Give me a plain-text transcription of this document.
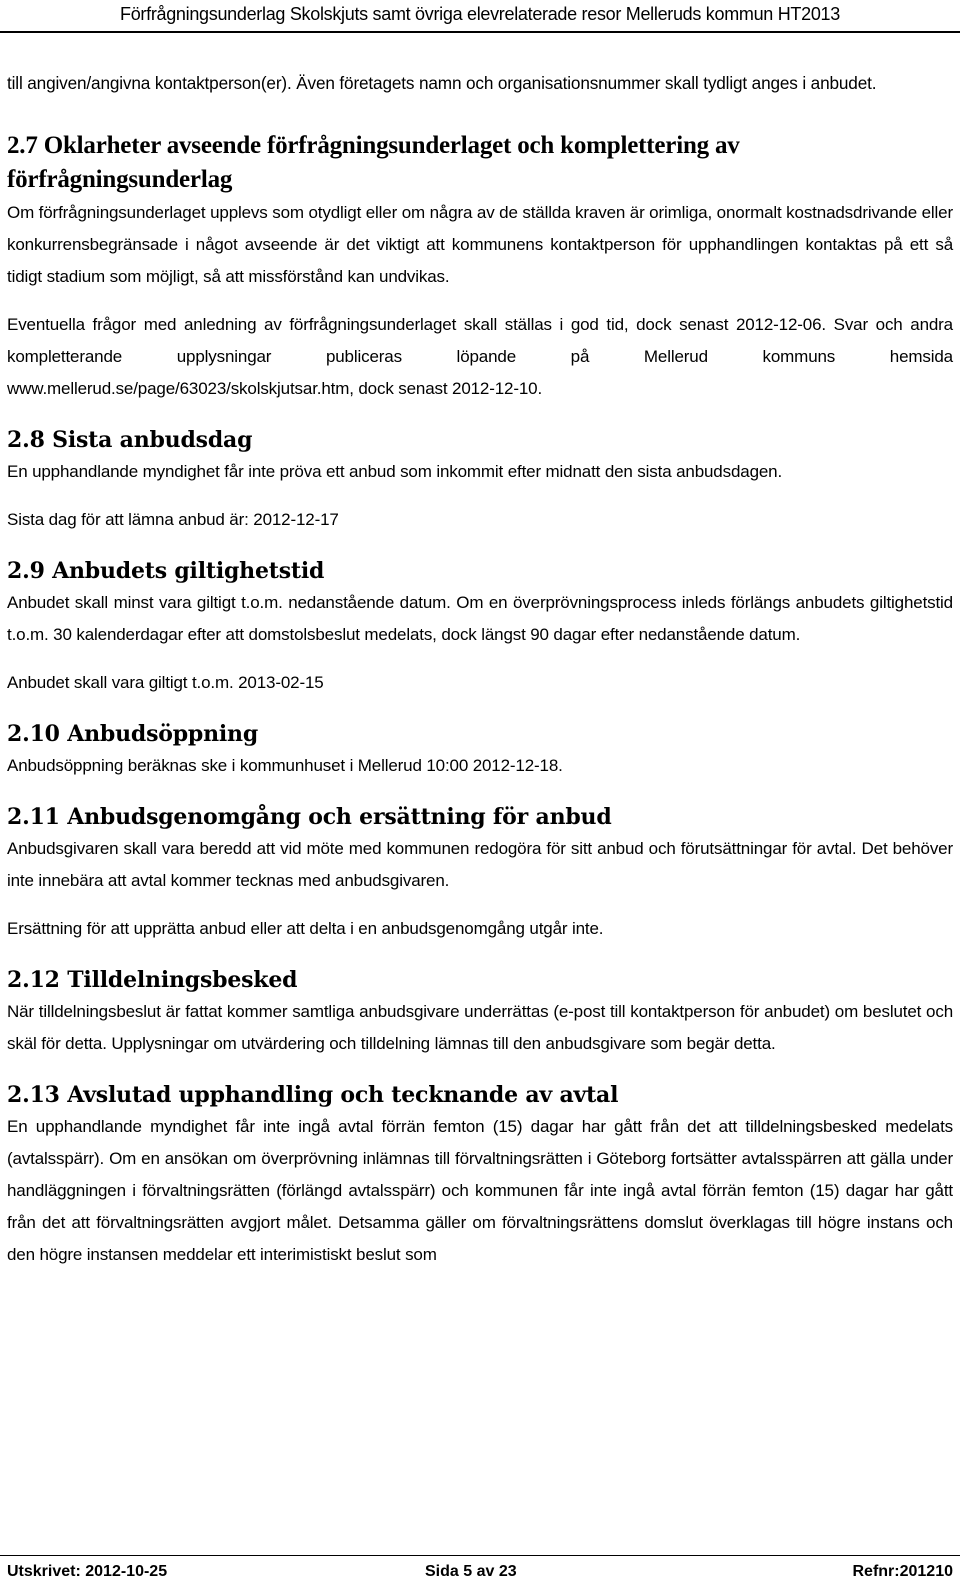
Förfrågningsunderlag Skolskjuts samt övriga elevrelaterade resor Melleruds kommun HT2013

till angiven/angivna kontaktperson(er). Även företagets namn och organisationsnummer skall tydligt anges i anbudet.

2.7 Oklarheter avseende förfrågningsunderlaget och komplettering av förfrågningsunderlag

Om förfrågningsunderlaget upplevs som otydligt eller om några av de ställda kraven är orimliga, onormalt kostnadsdrivande eller konkurrensbegränsade i något avseende är det viktigt att kommunens kontaktperson för upphandlingen kontaktas på ett så tidigt stadium som möjligt, så att missförstånd kan undvikas.

Eventuella frågor med anledning av förfrågningsunderlaget skall ställas i god tid, dock senast 2012-12-06. Svar och andra kompletterande upplysningar publiceras löpande på Mellerud kommuns hemsida www.mellerud.se/page/63023/skolskjutsar.htm, dock senast 2012-12-10.

2.8 Sista anbudsdag

En upphandlande myndighet får inte pröva ett anbud som inkommit efter midnatt den sista anbudsdagen.

Sista dag för att lämna anbud är: 2012-12-17

2.9 Anbudets giltighetstid

Anbudet skall minst vara giltigt t.o.m. nedanstående datum. Om en överprövningsprocess inleds förlängs anbudets giltighetstid t.o.m. 30 kalenderdagar efter att domstolsbeslut medelats, dock längst 90 dagar efter nedanstående datum.

Anbudet skall vara giltigt t.o.m. 2013-02-15

2.10 Anbudsöppning

Anbudsöppning beräknas ske i kommunhuset i Mellerud 10:00 2012-12-18.

2.11 Anbudsgenomgång och ersättning för anbud

Anbudsgivaren skall vara beredd att vid möte med kommunen redogöra för sitt anbud och förutsättningar för avtal. Det behöver inte innebära att avtal kommer tecknas med anbudsgivaren.

Ersättning för att upprätta anbud eller att delta i en anbudsgenomgång utgår inte.

2.12 Tilldelningsbesked

När tilldelningsbeslut är fattat kommer samtliga anbudsgivare underrättas (e-post till kontaktperson för anbudet) om beslutet och skäl för detta. Upplysningar om utvärdering och tilldelning lämnas till den anbudsgivare som begär detta.

2.13 Avslutad upphandling och tecknande av avtal

En upphandlande myndighet får inte ingå avtal förrän femton (15) dagar har gått från det att tilldelningsbesked medelats (avtalsspärr). Om en ansökan om överprövning inlämnas till förvaltningsrätten i Göteborg fortsätter avtalsspärren att gälla under handläggningen i förvaltningsrätten (förlängd avtalsspärr) och kommunen får inte ingå avtal förrän femton (15) dagar har gått från det att förvaltningsrätten avgjort målet. Detsamma gäller om förvaltningsrättens domslut överklagas till högre instans och den högre instansen meddelar ett interimistiskt beslut som

Utskrivet: 2012-10-25	Sida 5 av 23	Refnr:201210
